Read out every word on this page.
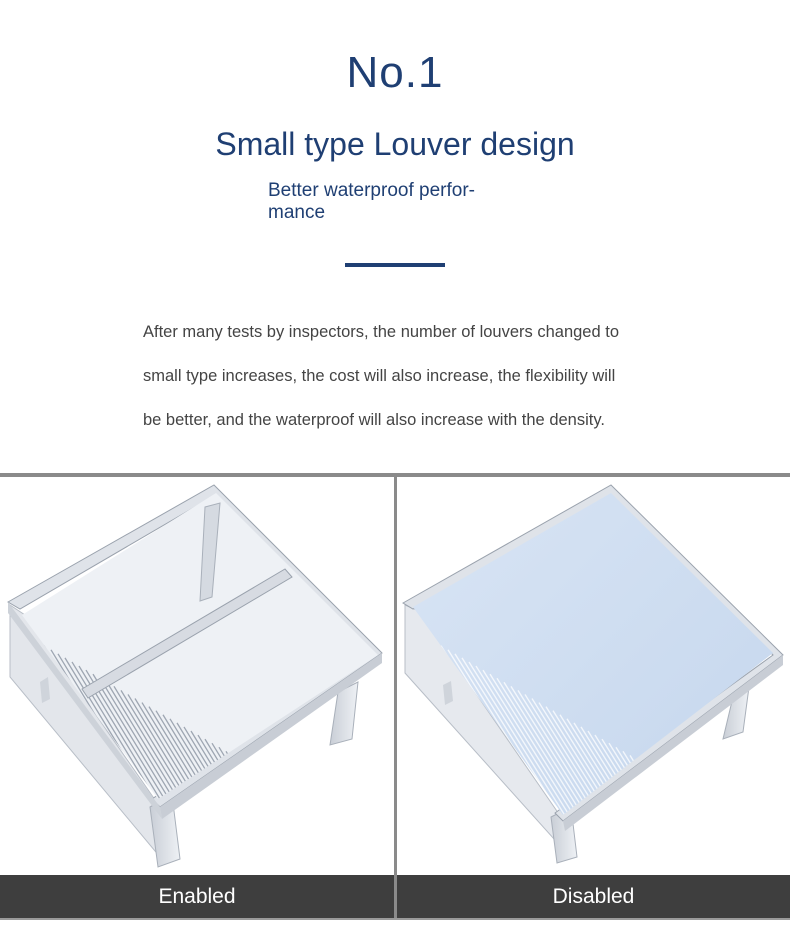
No.1
Small type Louver design
Better waterproof perfor- mance

After many tests by inspectors, the number of louvers changed to

small type increases, the cost will also increase, the flexibility will

be better, and the waterproof will also increase with the density.

Enabled	Disabled
